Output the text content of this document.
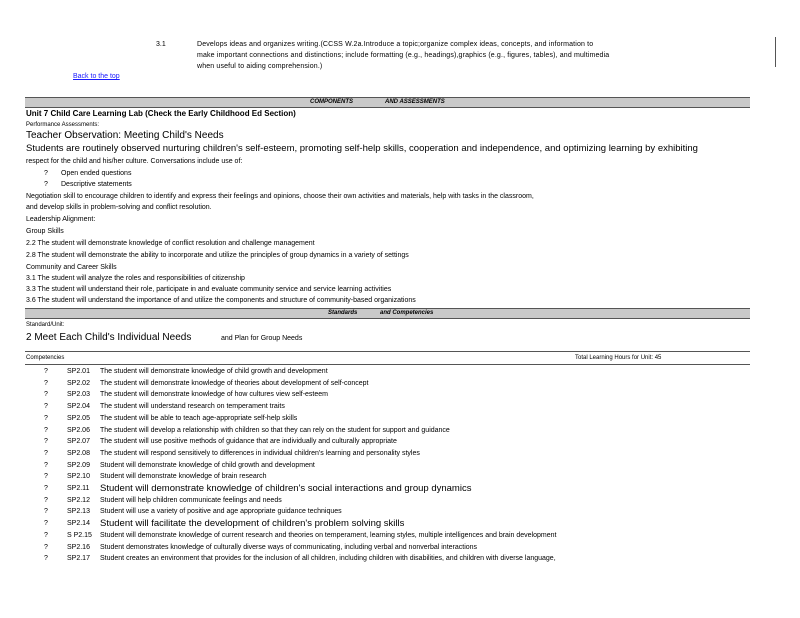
3.1	Develops ideas and organizes writing.(CCSS W.2a.Introduce a topic;organize complex ideas, concepts, and information to
make important connections and distinctions; include formatting (e.g., headings),graphics (e.g., figures, tables), and multimedia
when useful to aiding comprehension.)
Back to the top
COMPONENTS	AND ASSESSMENTS
Unit 7 Child Care Learning Lab (Check the Early Childhood Ed Section)
Performance Assessments:
Teacher Observation: Meeting Child's Needs
Students are routinely observed nurturing children's self-esteem, promoting self-help skills, cooperation and independence, and optimizing learning by exhibiting
respect for the child and his/her culture. Conversations include use of:
? Open ended questions
? Descriptive statements
Negotiation skill to encourage children to identify and express their feelings and opinions, choose their own activities and materials, help with tasks in the classroom,
and develop skills in problem-solving and conflict resolution.
Leadership Alignment:
Group Skills
2.2 The student will demonstrate knowledge of conflict resolution and challenge management
2.8 The student will demonstrate the ability to incorporate and utilize the principles of group dynamics in a variety of settings
Community and Career Skills
3.1 The student will analyze the roles and responsibilities of citizenship
3.3 The student will understand their role, participate in and evaluate community service and service learning activities
3.6 The student will understand the importance of and utilize the components and structure of community-based organizations
Standards	and Competencies
Standard/Unit:
2 Meet Each Child's Individual Needs	and Plan for Group Needs
Competencies	Total Learning Hours for Unit: 45
?	SP2.01 The student will demonstrate knowledge of child growth and development
?	SP2.02 The student will demonstrate knowledge of theories about development of self-concept
?	SP2.03 The student will demonstrate knowledge of how cultures view self-esteem
?	SP2.04 The student will understand research on temperament traits
?	SP2.05 The student will be able to teach age-appropriate self-help skills
?	SP2.06 The student will develop a relationship with children so that they can rely on the student for support and guidance
?	SP2.07 The student will use positive methods of guidance that are individually and culturally appropriate
?	SP2.08 The student will respond sensitively to differences in individual children's learning and personality styles
?	SP2.09 Student will demonstrate knowledge of child growth and development
?	SP2.10 Student will demonstrate knowledge of brain research
?	SP2.11 Student will demonstrate knowledge of children's social interactions and group dynamics
?	SP2.12 Student will help children communicate feelings and needs
?	SP2.13 Student will use a variety of positive and age appropriate guidance techniques
?	SP2.14 Student will facilitate the development of children's problem solving skills
?	S P2.15 Student will demonstrate knowledge of current research and theories on temperament, learning styles, multiple intelligences and brain development
?	SP2.16 Student demonstrates knowledge of culturally diverse ways of communicating, including verbal and nonverbal interactions
?	SP2.17 Student creates an environment that provides for the inclusion of all children, including children with disabilities, and children with diverse language,
